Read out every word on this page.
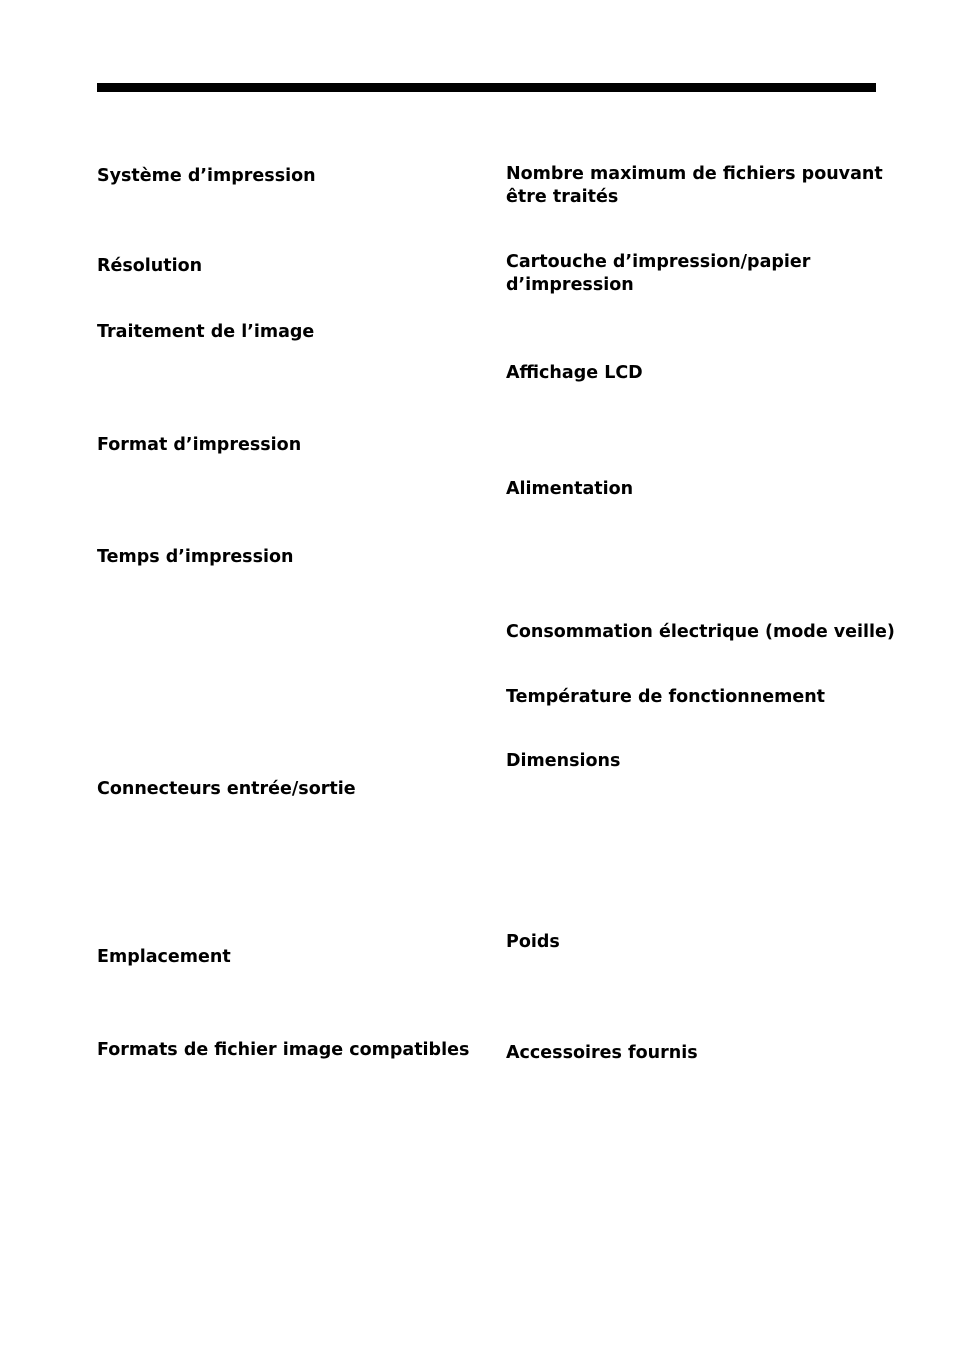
Système d’impression
Résolution
Traitement de l’image
Format d’impression
Temps d’impression
Connecteurs entrée/sortie
Emplacement
Formats de fichier image compatibles
Nombre maximum de fichiers pouvant
être traités
Cartouche d’impression/papier
d’impression
Affichage LCD
Alimentation
Consommation électrique (mode veille)
Température de fonctionnement
Dimensions
Poids
Accessoires fournis
